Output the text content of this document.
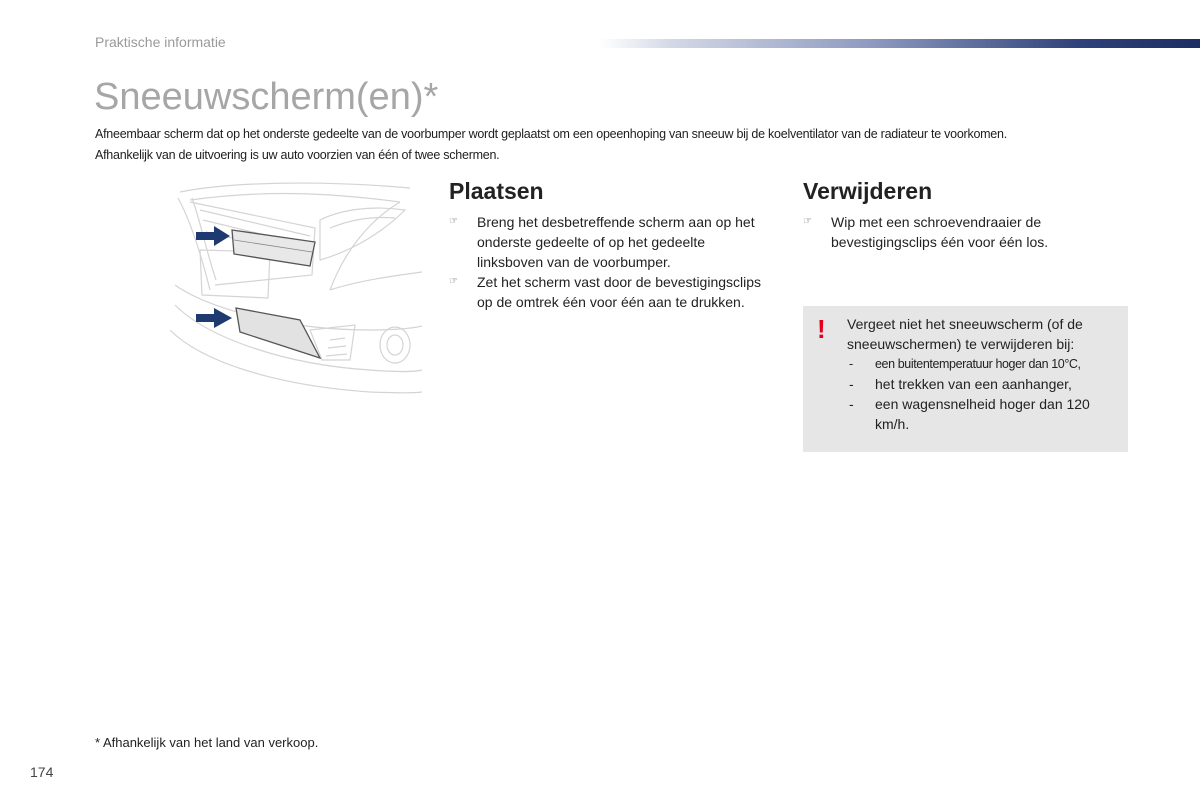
Praktische informatie
Sneeuwscherm(en)*

Afneembaar scherm dat op het onderste gedeelte van de voorbumper wordt geplaatst om een opeenhoping van sneeuw bij de koelventilator van de radiateur te voorkomen.

Afhankelijk van de uitvoering is uw auto voorzien van één of twee schermen.

Plaatsen
☞ Breng het desbetreffende scherm aan op het onderste gedeelte of op het gedeelte linksboven van de voorbumper.
☞ Zet het scherm vast door de bevestigingsclips op de omtrek één voor één aan te drukken.
Verwijderen
☞ Wip met een schroevendraaier de bevestigingsclips één voor één los.
! Vergeet niet het sneeuwscherm (of de sneeuwschermen) te verwijderen bij:
- een buitentemperatuur hoger dan 10°C,
- het trekken van een aanhanger,
- een wagensnelheid hoger dan 120 km/h.
* Afhankelijk van het land van verkoop.
174
